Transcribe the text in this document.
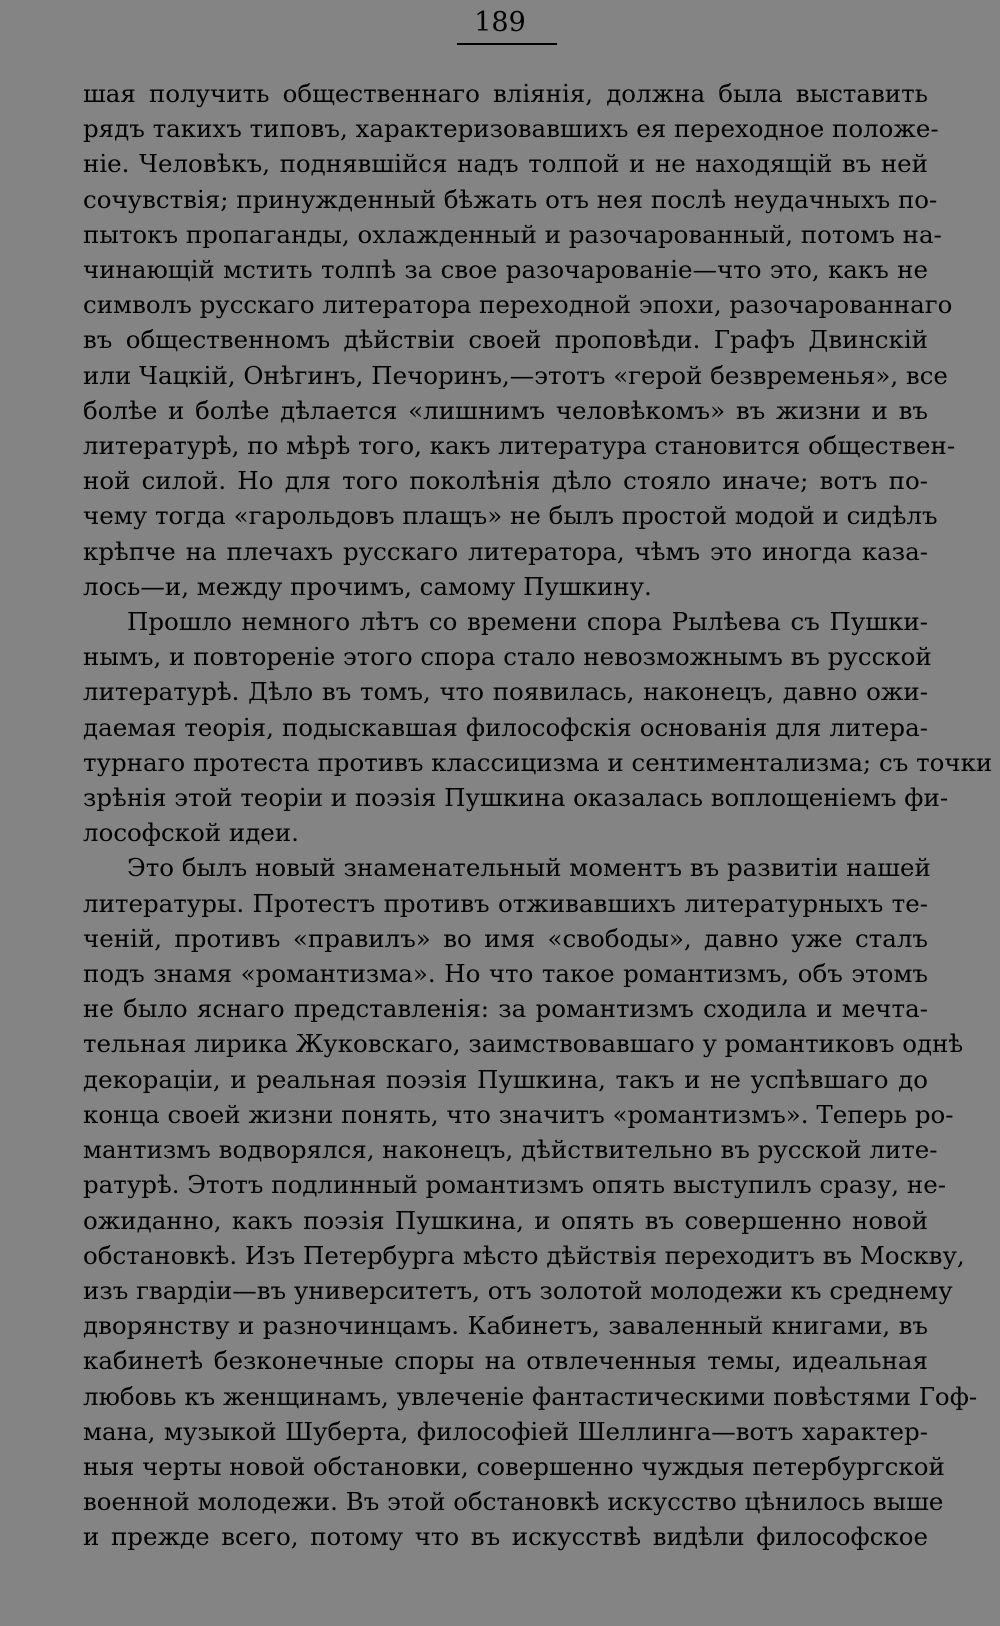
189
шая получить общественнаго вліянія, должна была выставить
рядъ такихъ типовъ, характеризовавшихъ ея переходное положе-
ніе. Человѣкъ, поднявшійся надъ толпой и не находящій въ ней
сочувствія; принужденный бѣжать отъ нея послѣ неудачныхъ по-
пытокъ пропаганды, охлажденный и разочарованный, потомъ на-
чинающій мстить толпѣ за свое разочарованіе—что это, какъ не
символъ русскаго литератора переходной эпохи, разочарованнаго
въ общественномъ дѣйствіи своей проповѣди. Графъ Двинскій
или Чацкій, Онѣгинъ, Печоринъ,—этотъ «герой безвременья», все
болѣе и болѣе дѣлается «лишнимъ человѣкомъ» въ жизни и въ
литературѣ, по мѣрѣ того, какъ литература становится обществен-
ной силой. Но для того поколѣнія дѣло стояло иначе; вотъ по-
чему тогда «гарольдовъ плащъ» не былъ простой модой и сидѣлъ
крѣпче на плечахъ русскаго литератора, чѣмъ это иногда каза-
лось—и, между прочимъ, самому Пушкину.
Прошло немного лѣтъ со времени спора Рылѣева съ Пушки-
нымъ, и повтореніе этого спора стало невозможнымъ въ русской
литературѣ. Дѣло въ томъ, что появилась, наконецъ, давно ожи-
даемая теорія, подыскавшая философскія основанія для литера-
турнаго протеста противъ классицизма и сентиментализма; съ точки
зрѣнія этой теоріи и поэзія Пушкина оказалась воплощеніемъ фи-
лософской идеи.
Это былъ новый знаменательный моментъ въ развитіи нашей
литературы. Протестъ противъ отживавшихъ литературныхъ те-
ченій, противъ «правилъ» во имя «свободы», давно уже сталъ
подъ знамя «романтизма». Но что такое романтизмъ, объ этомъ
не было яснаго представленія: за романтизмъ сходила и мечта-
тельная лирика Жуковскаго, заимствовавшаго у романтиковъ однѣ
декораціи, и реальная поэзія Пушкина, такъ и не успѣвшаго до
конца своей жизни понять, что значитъ «романтизмъ». Теперь ро-
мантизмъ водворялся, наконецъ, дѣйствительно въ русской лите-
ратурѣ. Этотъ подлинный романтизмъ опять выступилъ сразу, не-
ожиданно, какъ поэзія Пушкина, и опять въ совершенно новой
обстановкѣ. Изъ Петербурга мѣсто дѣйствія переходитъ въ Москву,
изъ гвардіи—въ университетъ, отъ золотой молодежи къ среднему
дворянству и разночинцамъ. Кабинетъ, заваленный книгами, въ
кабинетѣ безконечные споры на отвлеченныя темы, идеальная
любовь къ женщинамъ, увлеченіе фантастическими повѣстями Гоф-
мана, музыкой Шуберта, философіей Шеллинга—вотъ характер-
ныя черты новой обстановки, совершенно чуждыя петербургской
военной молодежи. Въ этой обстановкѣ искусство цѣнилось выше
и прежде всего, потому что въ искусствѣ видѣли философское
